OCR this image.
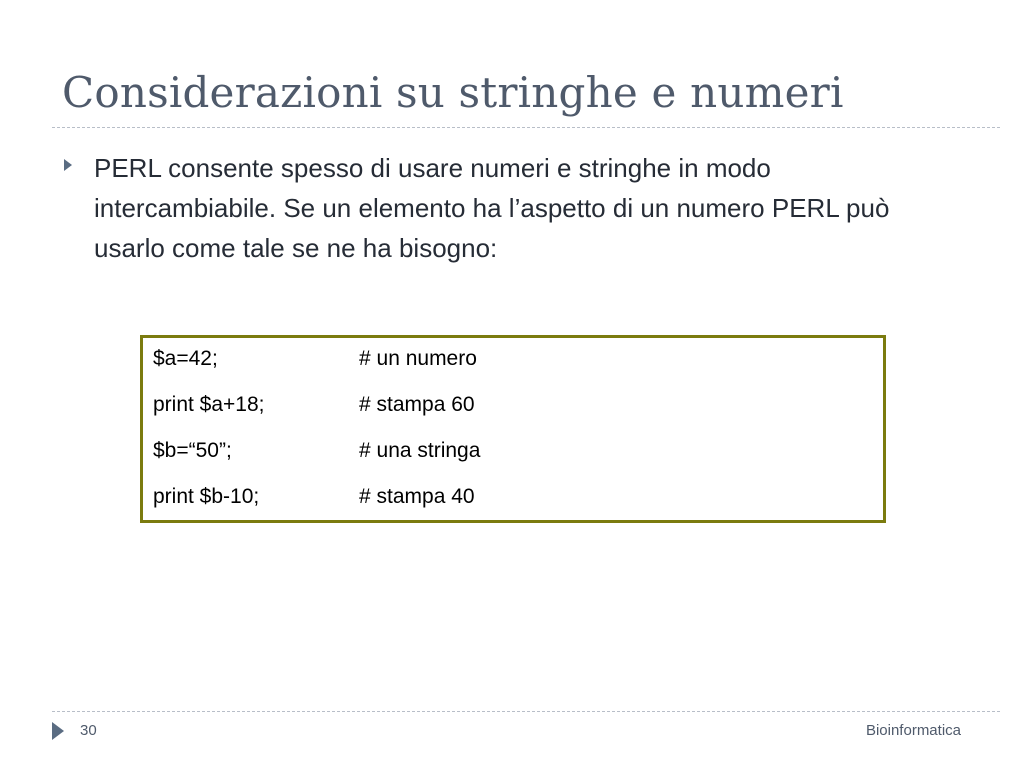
Considerazioni su stringhe e numeri
PERL consente spesso di usare numeri e stringhe in modo intercambiabile. Se un elemento ha l’aspetto di un numero PERL può usarlo come tale se ne ha bisogno:
$a=42;	# un numero
print $a+18;	# stampa 60
$b=“50”;	# una stringa
print $b-10;	# stampa 40
30	Bioinformatica
